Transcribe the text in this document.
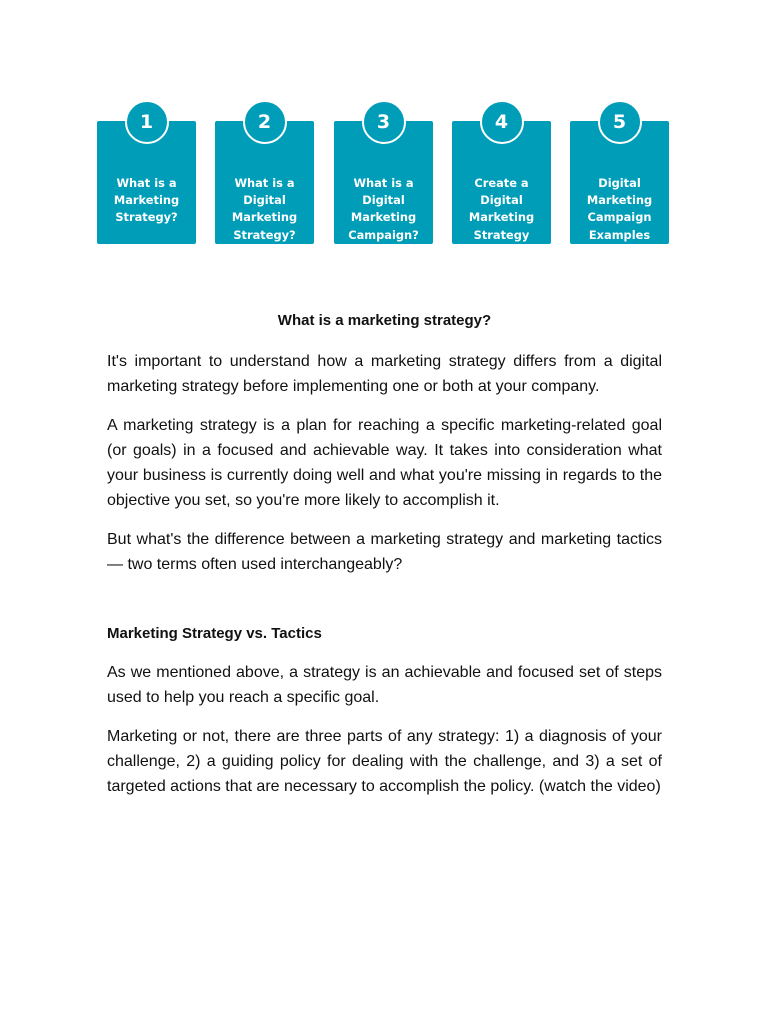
1
What is a
Marketing
Strategy?
2
What is a
Digital
Marketing
Strategy?
3
What is a
Digital
Marketing
Campaign?
4
Create a
Digital
Marketing
Strategy
5
Digital
Marketing
Campaign
Examples
What is a marketing strategy?

It's important to understand how a marketing strategy differs from a digital marketing strategy before implementing one or both at your company.

A marketing strategy is a plan for reaching a specific marketing-related goal (or goals) in a focused and achievable way. It takes into consideration what your business is currently doing well and what you're missing in regards to the objective you set, so you're more likely to accomplish it.

But what's the difference between a marketing strategy and marketing tactics — two terms often used interchangeably?

Marketing Strategy vs. Tactics

As we mentioned above, a strategy is an achievable and focused set of steps used to help you reach a specific goal.

Marketing or not, there are three parts of any strategy: 1) a diagnosis of your challenge, 2) a guiding policy for dealing with the challenge, and 3) a set of targeted actions that are necessary to accomplish the policy. (watch the video)
